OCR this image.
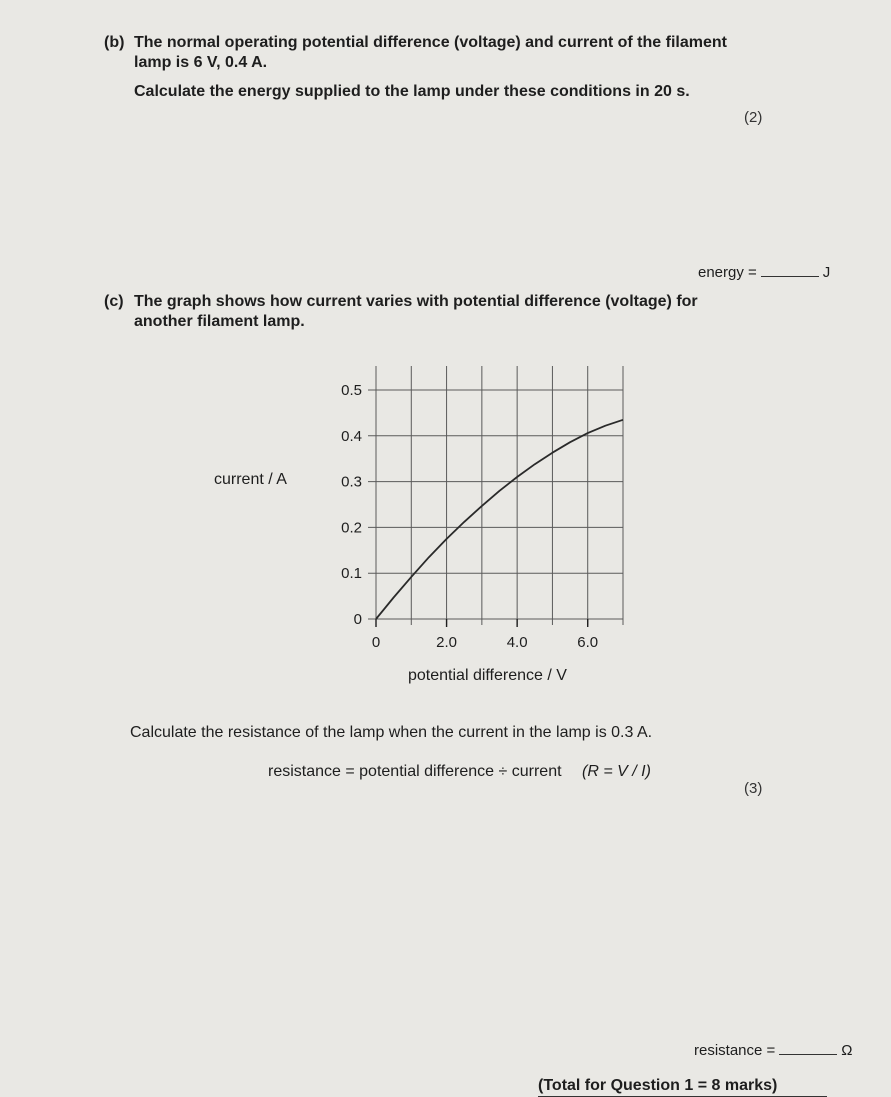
(b) The normal operating potential difference (voltage) and current of the filament
lamp is 6 V, 0.4 A.
Calculate the energy supplied to the lamp under these conditions in 20 s.
(2)
energy =	J
(c) The graph shows how current varies with potential difference (voltage) for
another filament lamp.
current / A
0	2.0	4.0	6.0
0
0.1
0.2
0.3
0.4
0.5
potential difference / V
Calculate the resistance of the lamp when the current in the lamp is 0.3 A.
resistance = potential difference ÷ current (R = V / I)
(3)
resistance =	Ω
(Total for Question 1 = 8 marks)
